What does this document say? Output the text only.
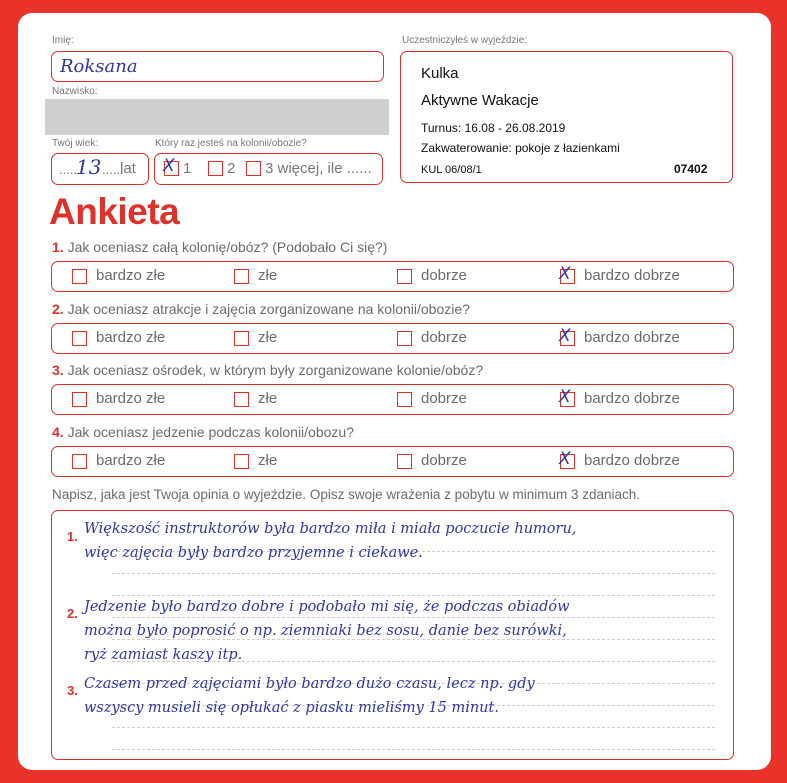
Imię:
Roksana
Nazwisko:
Twój wiek:
......
13 ......
lat
Który raz jesteś na kolonii/obozie?
X 1 2 3 więcej, ile ......
Uczestniczyłeś w wyjeździe:
Kulka
Aktywne Wakacje
Turnus: 16.08 - 26.08.2019
Zakwaterowanie: pokoje z łazienkami
KUL 06/08/1	07402
Ankieta
1. Jak oceniasz całą kolonię/obóz? (Podobało Ci się?)
bardzo złe	złe	dobrze	X bardzo dobrze
2. Jak oceniasz atrakcje i zajęcia zorganizowane na kolonii/obozie?
bardzo złe	złe	dobrze	X bardzo dobrze
3. Jak oceniasz ośrodek, w którym były zorganizowane kolonie/obóz?
bardzo złe	złe	dobrze	X bardzo dobrze
4. Jak oceniasz jedzenie podczas kolonii/obozu?
bardzo złe	złe	dobrze	X bardzo dobrze
Napisz, jaka jest Twoja opinia o wyjeździe. Opisz swoje wrażenia z pobytu w minimum 3 zdaniach.
1. Większość instruktorów była bardzo miła i miała poczucie humoru,
więc zajęcia były bardzo przyjemne i ciekawe.
2. Jedzenie było bardzo dobre i podobało mi się, że podczas obiadów
można było poprosić o np. ziemniaki bez sosu, danie bez surówki,
ryż zamiast kaszy itp.
3. Czasem przed zajęciami było bardzo dużo czasu, lecz np. gdy
wszyscy musieli się opłukać z piasku mieliśmy 15 minut.
